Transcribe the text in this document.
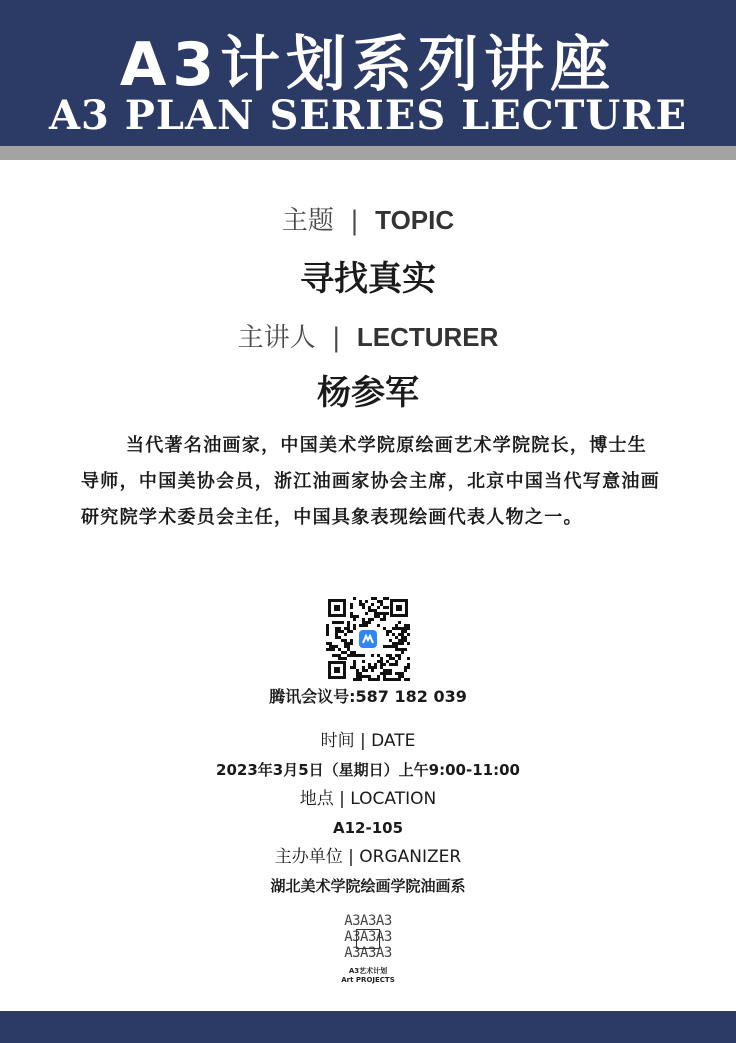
A3计划系列讲座
A3 PLAN SERIES LECTURE
主题 | TOPIC
寻找真实
主讲人 | LECTURER
杨参军
当代著名油画家，中国美术学院原绘画艺术学院院长，博士生导师，中国美协会员，浙江油画家协会主席，北京中国当代写意油画研究院学术委员会主任，中国具象表现绘画代表人物之一。
腾讯会议号:587 182 039
时间 | DATE
2023年3月5日（星期日）上午9:00-11:00
地点 | LOCATION
A12-105
主办单位 | ORGANIZER
湖北美术学院绘画学院油画系
A3A3A3
A3A3A3
A3A3A3
A3艺术计划
Art PROJECTS
